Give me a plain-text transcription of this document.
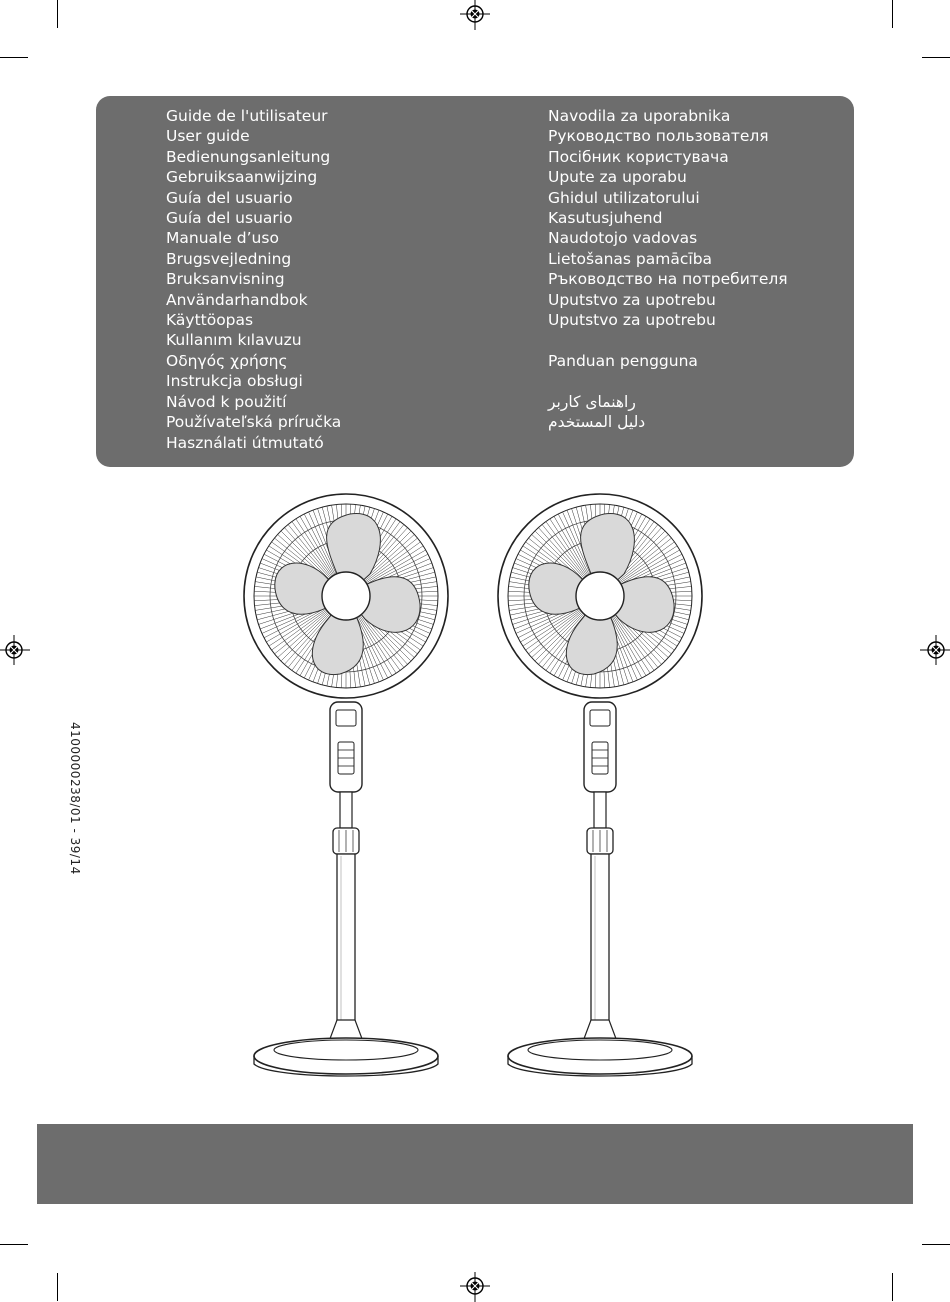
Guide de l'utilisateur
User guide
Bedienungsanleitung
Gebruiksaanwijzing
Guía del usuario
Guía del usuario
Manuale d’uso
Brugsvejledning
Bruksanvisning
Användarhandbok
Käyttöopas
Kullanım kılavuzu
Οδηγός χρήσης
Instrukcja obsługi
Návod k použití
Používateľská príručka
Használati útmutató
Navodila za uporabnika
Руководство пользователя
Посібник користувача
Upute za uporabu
Ghidul utilizatorului
Kasutusjuhend
Naudotojo vadovas
Lietošanas pamācība
Ръководство на потребителя
Uputstvo za upotrebu
Uputstvo za upotrebu
Panduan pengguna
راهنمای کاربر
دليل المستخدم
4100000238/01 - 39/14
